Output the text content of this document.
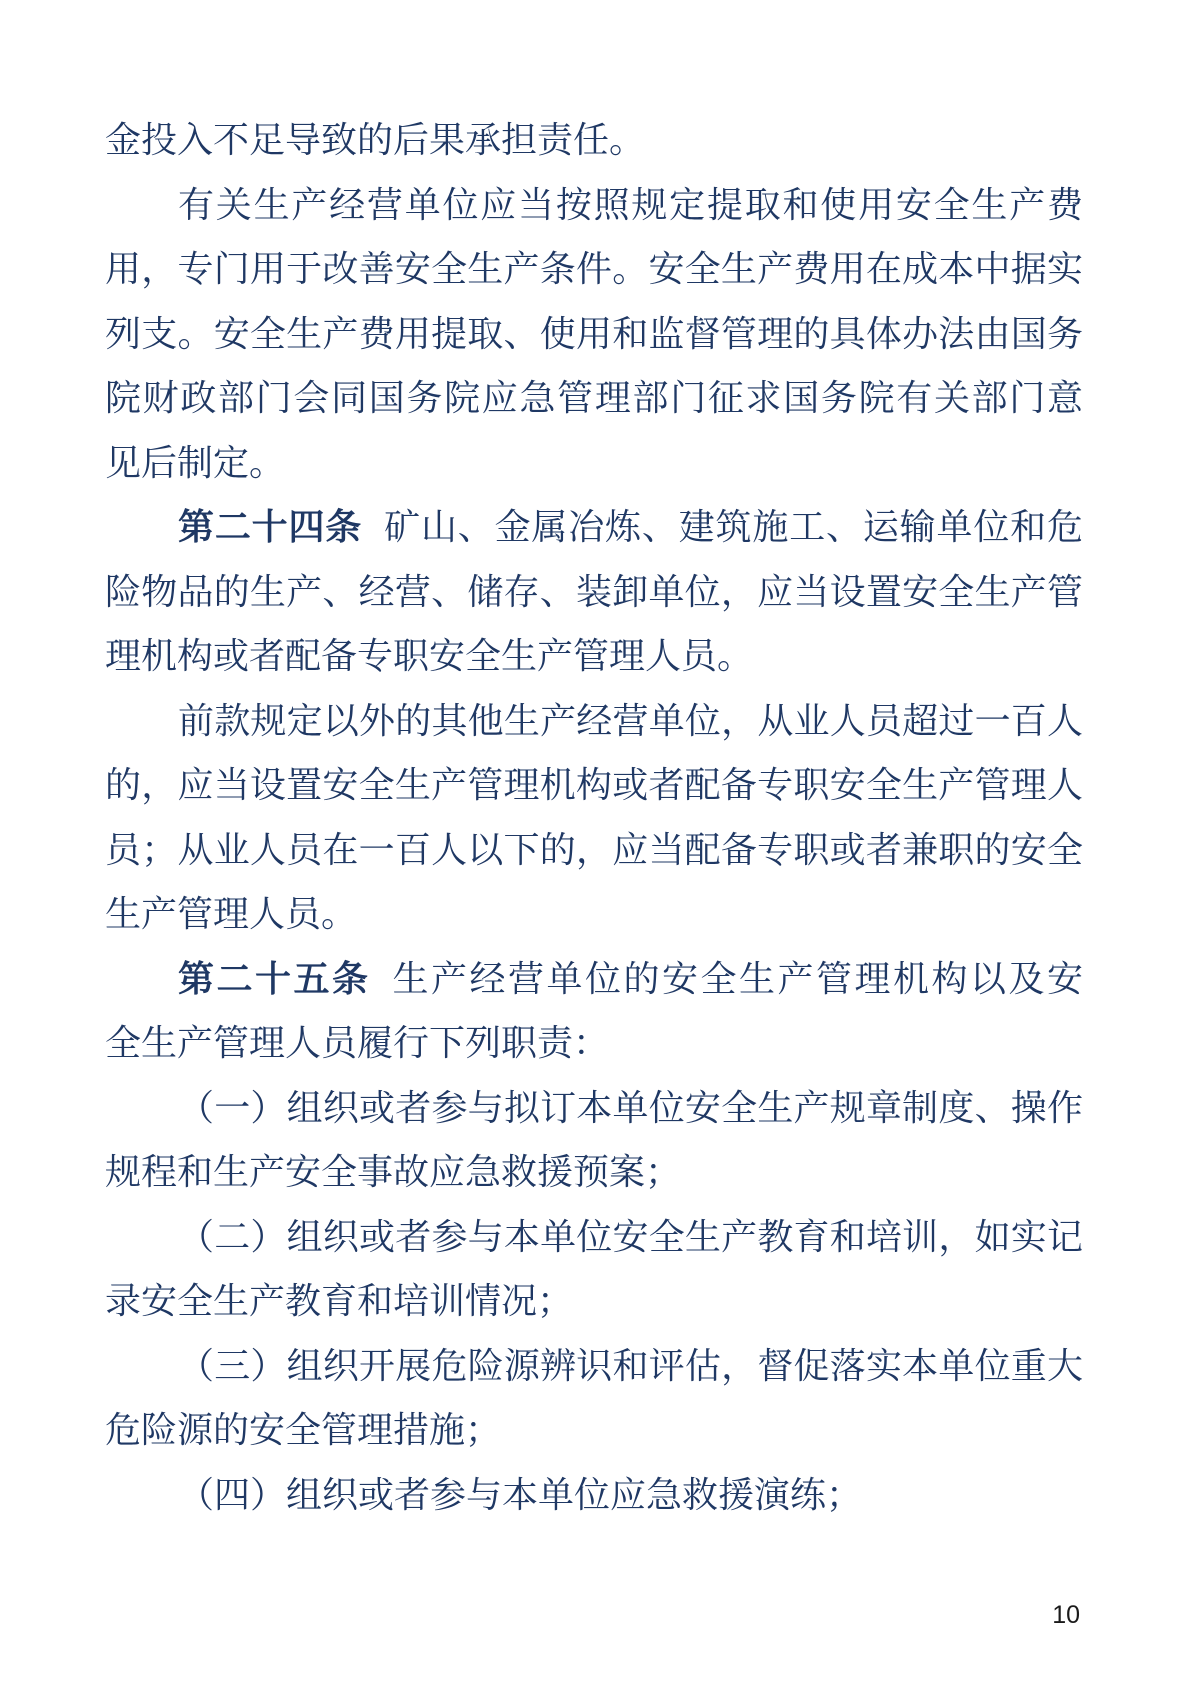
金投入不足导致的后果承担责任。
有关生产经营单位应当按照规定提取和使用安全生产费
用，专门用于改善安全生产条件。安全生产费用在成本中据实
列支。安全生产费用提取、使用和监督管理的具体办法由国务
院财政部门会同国务院应急管理部门征求国务院有关部门意
见后制定。
第二十四条 矿山、金属冶炼、建筑施工、运输单位和危
险物品的生产、经营、储存、装卸单位，应当设置安全生产管
理机构或者配备专职安全生产管理人员。
前款规定以外的其他生产经营单位，从业人员超过一百人
的，应当设置安全生产管理机构或者配备专职安全生产管理人
员；从业人员在一百人以下的，应当配备专职或者兼职的安全
生产管理人员。
第二十五条 生产经营单位的安全生产管理机构以及安
全生产管理人员履行下列职责：
（一）组织或者参与拟订本单位安全生产规章制度、操作
规程和生产安全事故应急救援预案；
（二）组织或者参与本单位安全生产教育和培训，如实记
录安全生产教育和培训情况；
（三）组织开展危险源辨识和评估，督促落实本单位重大
危险源的安全管理措施；
（四）组织或者参与本单位应急救援演练；
10
